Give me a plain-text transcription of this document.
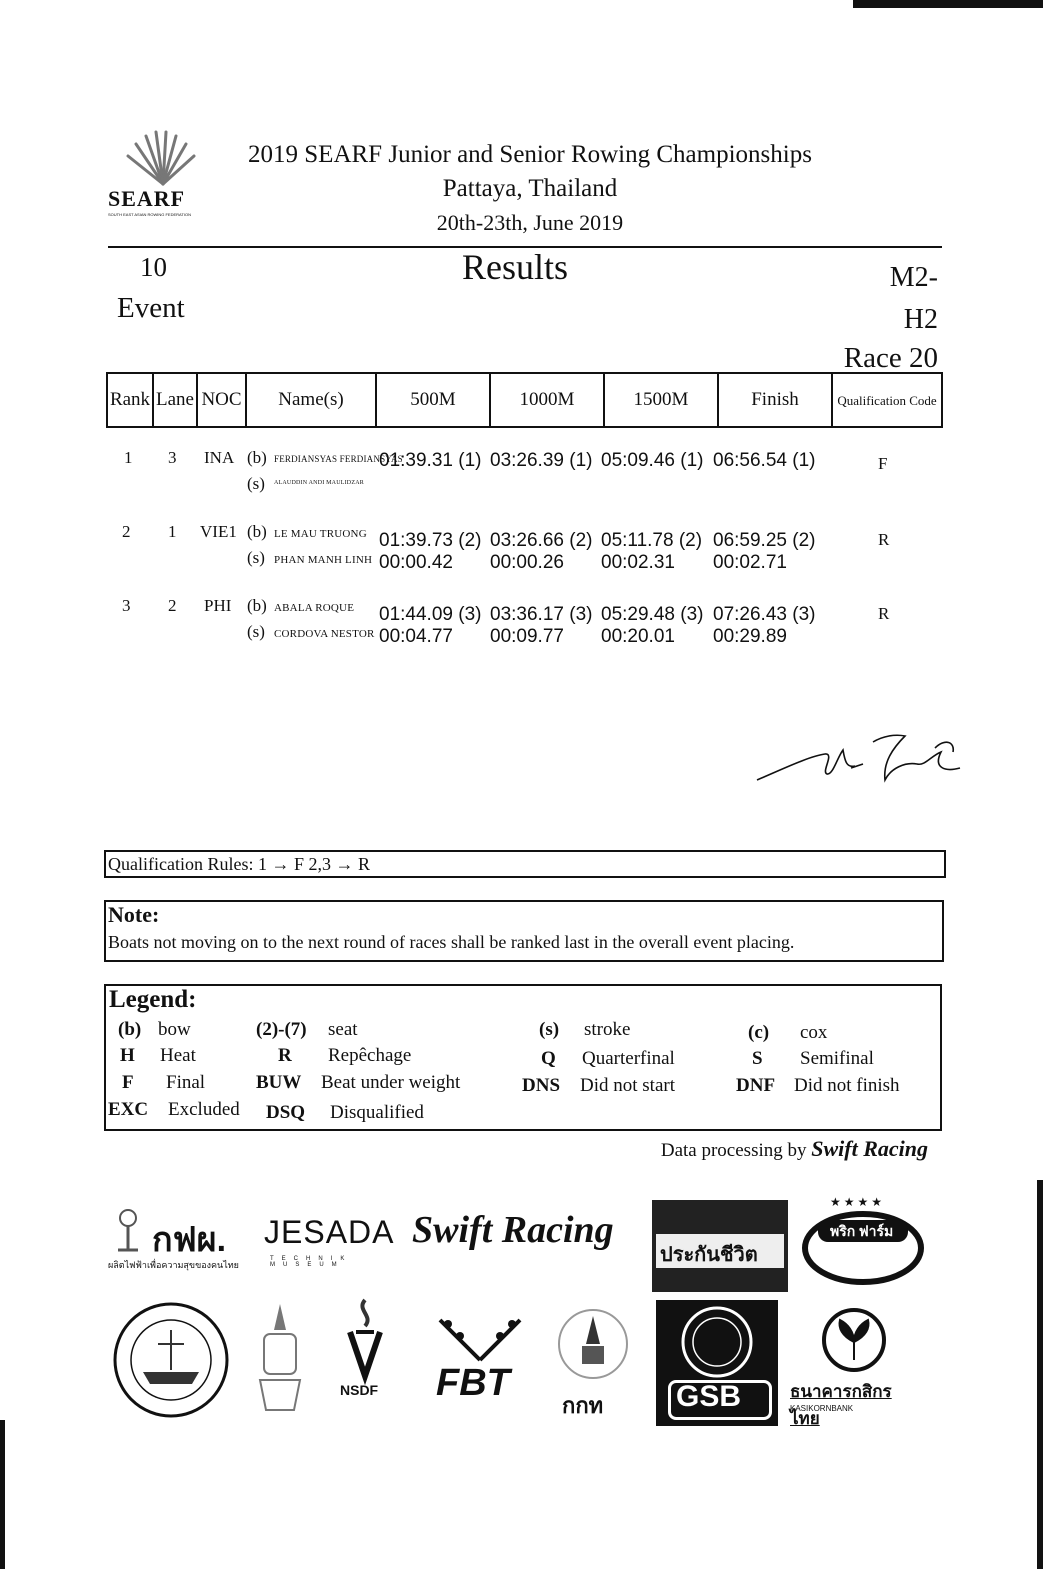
SEARF
SOUTH EAST ASIAN ROWING FEDERATION
2019 SEARF Junior and Senior Rowing Championships
Pattaya, Thailand
20th-23th, June 2019
10
Event
Results	M2-
H2
Race 20
Rank	Lane	NOC	Name(s)	500M	1000M	1500M	Finish	Qualification Code
1 3 INA (b) FERDIANSYAS FERDIANSYAS
(s) ALAUDDIN ANDI MAULIDZAR
01:39.31 (1) 03:26.39 (1) 05:09.46 (1) 06:56.54 (1)	F
2 1 VIE1 (b) LE MAU TRUONG
(s) PHAN MANH LINH
01:39.73 (2) 03:26.66 (2) 05:11.78 (2) 06:59.25 (2)
00:00.42 00:00.26 00:02.31 00:02.71
R
3 2 PHI (b) ABALA ROQUE
(s) CORDOVA NESTOR
01:44.09 (3) 03:36.17 (3) 05:29.48 (3) 07:26.43 (3)
00:04.77 00:09.77 00:20.01 00:29.89
R
Qualification Rules: 1 → F 2,3 → R
Note:
Boats not moving on to the next round of races shall be ranked last in the overall event placing.
Legend:
(b) bow	(2)-(7) seat	(s) stroke	(c) cox
H Heat	R Repêchage	Q Quarterfinal	S Semifinal
F Final	BUW Beat under weight	DNS Did not start	DNF Did not finish
EXC Excluded DSQ Disqualified
Data processing by Swift Racing
กฟผ.
ผลิตไฟฟ้าเพื่อความสุขของคนไทย
JESADA
TECHNIK MUSEUM
Swift Racing
ประกันชีวิต
★ ★ ★ ★
พริก ฟาร์ม
NSDF FBT
กกท GSB	ธนาคารกสิกรไทย
KASIKORNBANK
